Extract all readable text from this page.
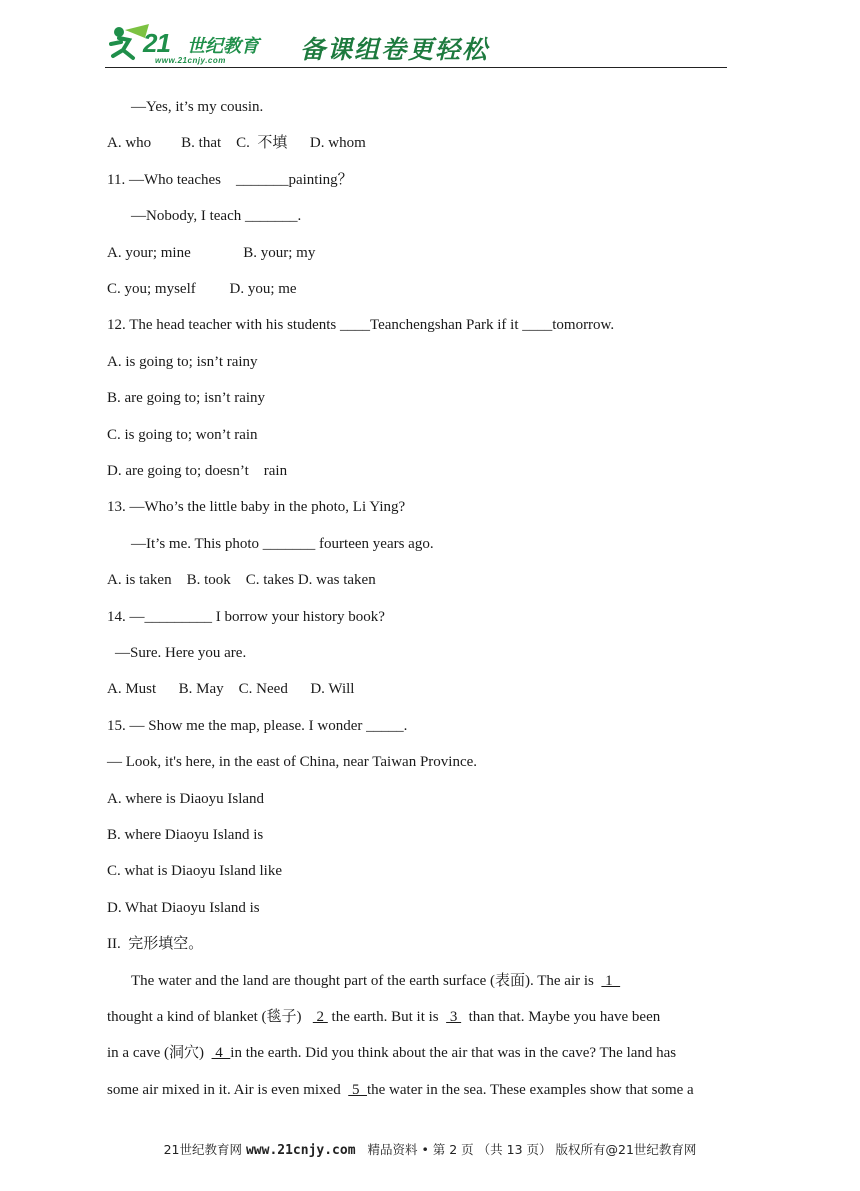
21 世纪教育
www.21cnjy.com	备课组卷更轻松
—Yes, it’s my cousin.
A. who        B. that    C.  不填      D. whom
11. —Who teaches    _______painting？
—Nobody, I teach _______.
A. your; mine              B. your; my
C. you; myself         D. you; me
12. The head teacher with his students ____Teanchengshan Park if it ____tomorrow.
A. is going to; isn’t rainy
B. are going to; isn’t rainy
C. is going to; won’t rain
D. are going to; doesn’t    rain
13. —Who’s the little baby in the photo, Li Ying?
—It’s me. This photo _______ fourteen years ago.
A. is taken    B. took    C. takes D. was taken
14. —_________ I borrow your history book?
—Sure. Here you are.
A. Must      B. May    C. Need      D. Will
15. — Show me the map, please. I wonder _____.
— Look, it's here, in the east of China, near Taiwan Province.
A. where is Diaoyu Island
B. where Diaoyu Island is
C. what is Diaoyu Island like
D. What Diaoyu Island is
II.  完形填空。
The water and the land are thought part of the earth surface (表面). The air is   1
thought a kind of blanket (毯子)    2  the earth. But it is   3   than that. Maybe you have been
in a cave (洞穴)   4  in the earth. Did you think about the air that was in the cave? The land has
some air mixed in it. Air is even mixed   5  the water in the sea. These examples show that some a
21世纪教育网 www.21cnjy.com   精品资料 • 第 2 页 （共 13 页） 版权所有@21世纪教育网
